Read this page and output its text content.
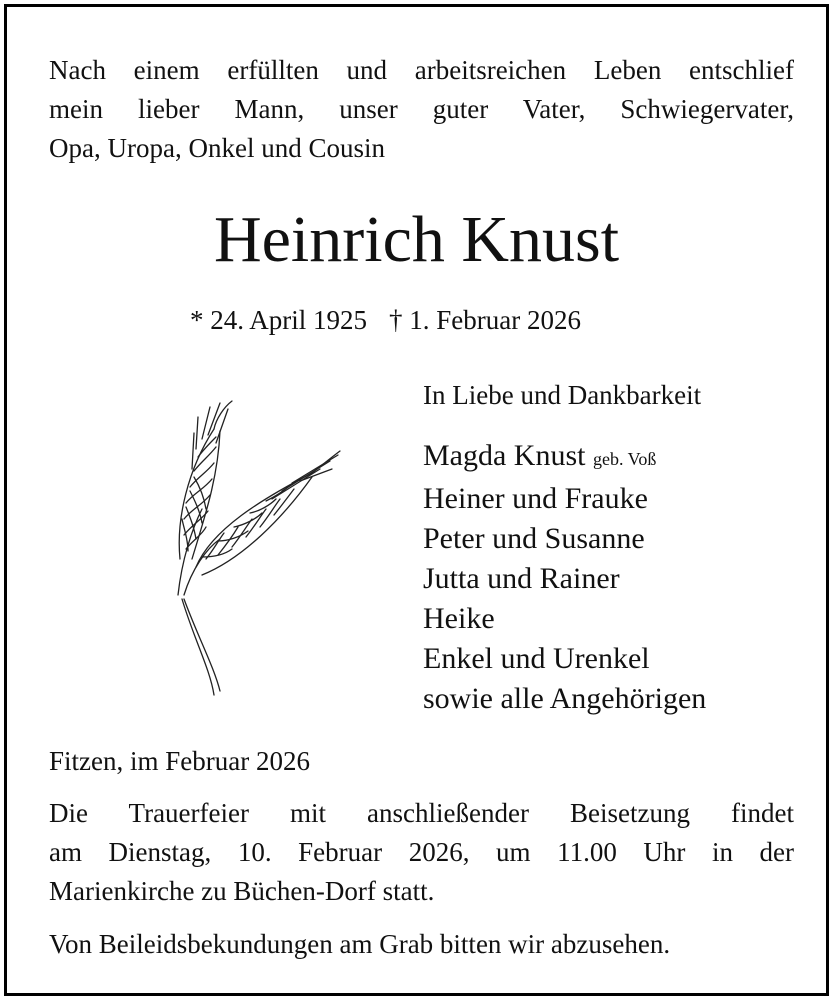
Nach einem erfüllten und arbeitsreichen Leben entschlief
mein lieber Mann, unser guter Vater, Schwiegervater,
Opa, Uropa, Onkel und Cousin
Heinrich Knust
* 24. April 1925 † 1. Februar 2026
In Liebe und Dankbarkeit
Magda Knust geb. Voß
Heiner und Frauke
Peter und Susanne
Jutta und Rainer
Heike
Enkel und Urenkel
sowie alle Angehörigen
Fitzen, im Februar 2026
Die Trauerfeier mit anschließender Beisetzung findet
am Dienstag, 10. Februar 2026, um 11.00 Uhr in der
Marienkirche zu Büchen-Dorf statt.
Von Beileidsbekundungen am Grab bitten wir abzusehen.
